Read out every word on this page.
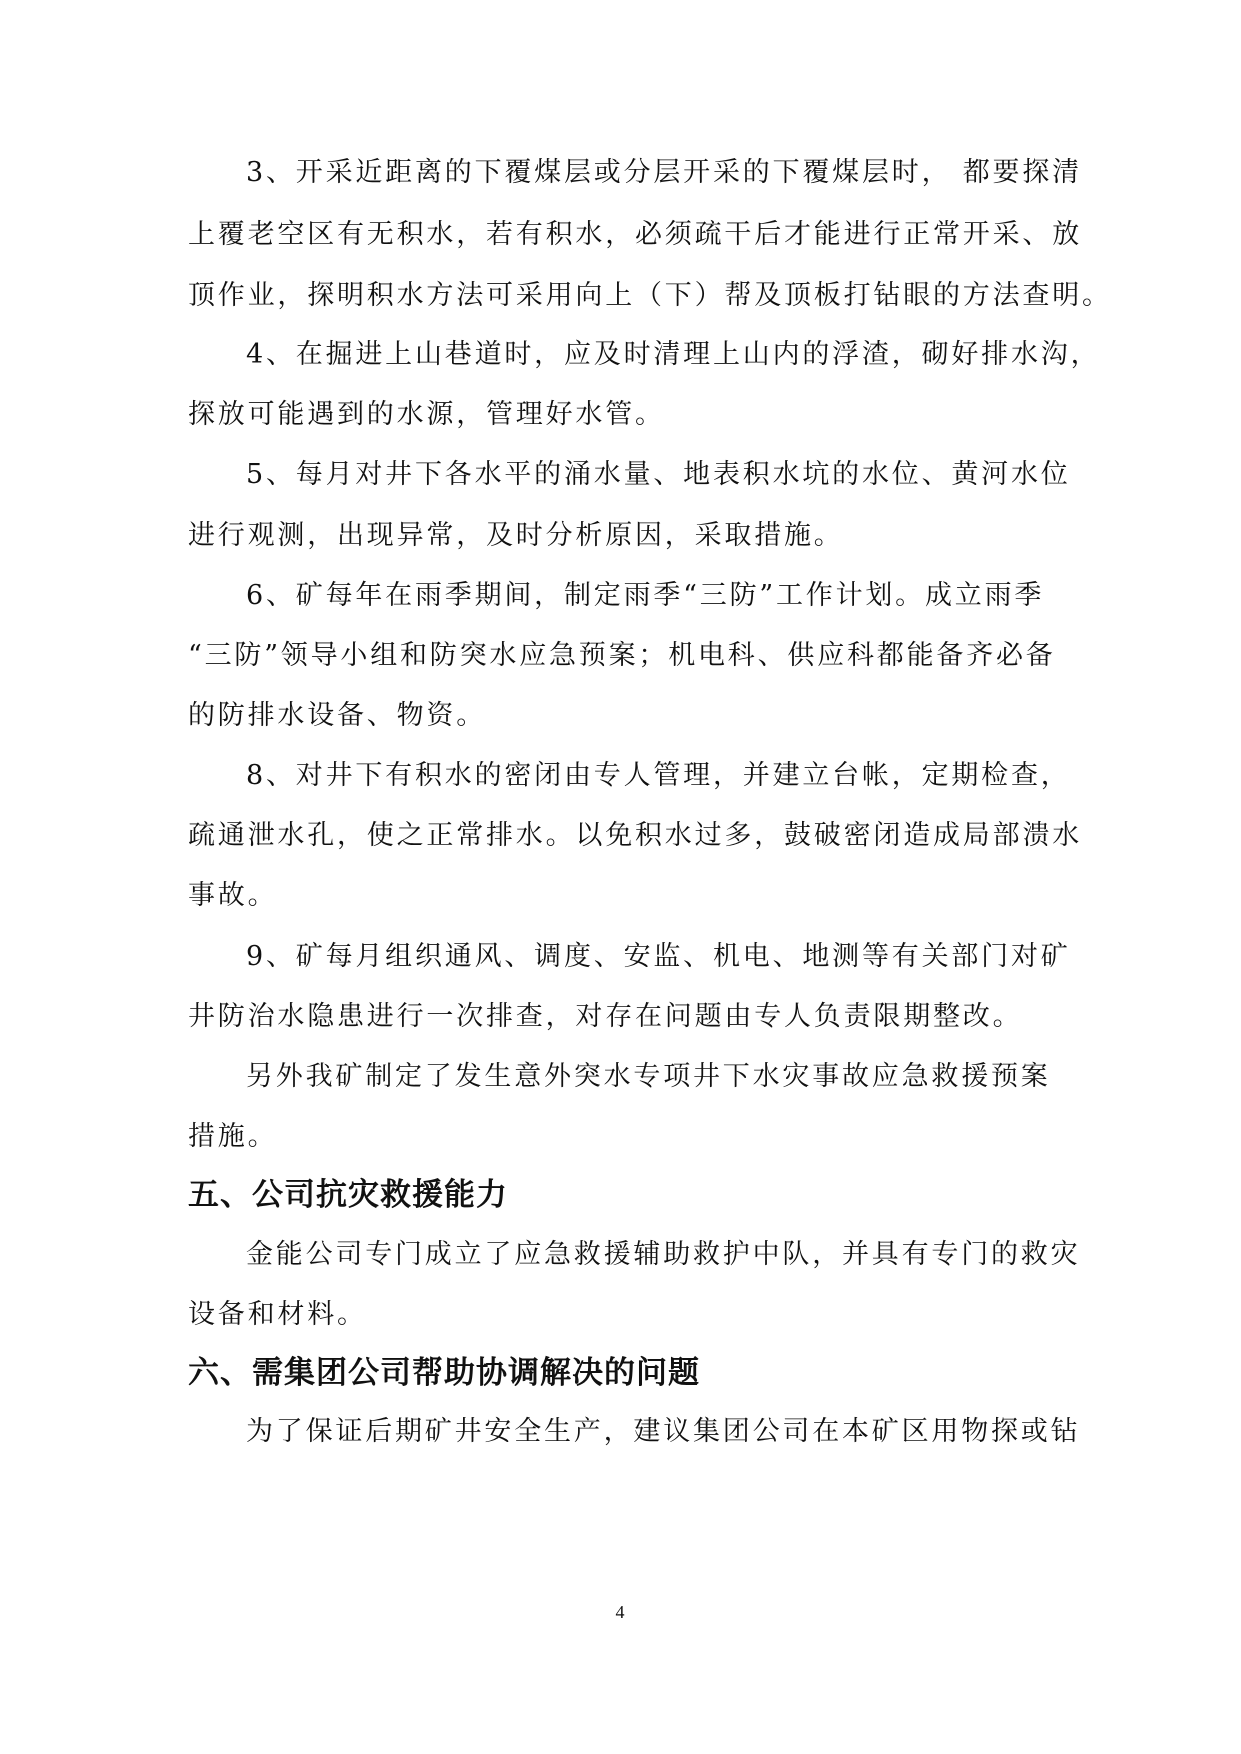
3、开采近距离的下覆煤层或分层开采的下覆煤层时， 都要探清
上覆老空区有无积水，若有积水，必须疏干后才能进行正常开采、放
顶作业，探明积水方法可采用向上（下）帮及顶板打钻眼的方法查明。
4、在掘进上山巷道时，应及时清理上山内的浮渣，砌好排水沟，
探放可能遇到的水源，管理好水管。
5、每月对井下各水平的涌水量、地表积水坑的水位、黄河水位
进行观测，出现异常，及时分析原因，采取措施。
6、矿每年在雨季期间，制定雨季“三防”工作计划。成立雨季
“三防”领导小组和防突水应急预案；机电科、供应科都能备齐必备
的防排水设备、物资。
8、对井下有积水的密闭由专人管理，并建立台帐，定期检查，
疏通泄水孔，使之正常排水。以免积水过多，鼓破密闭造成局部溃水
事故。
9、矿每月组织通风、调度、安监、机电、地测等有关部门对矿
井防治水隐患进行一次排查，对存在问题由专人负责限期整改。
另外我矿制定了发生意外突水专项井下水灾事故应急救援预案
措施。
五、公司抗灾救援能力
金能公司专门成立了应急救援辅助救护中队，并具有专门的救灾
设备和材料。
六、需集团公司帮助协调解决的问题
为了保证后期矿井安全生产，建议集团公司在本矿区用物探或钻
4
